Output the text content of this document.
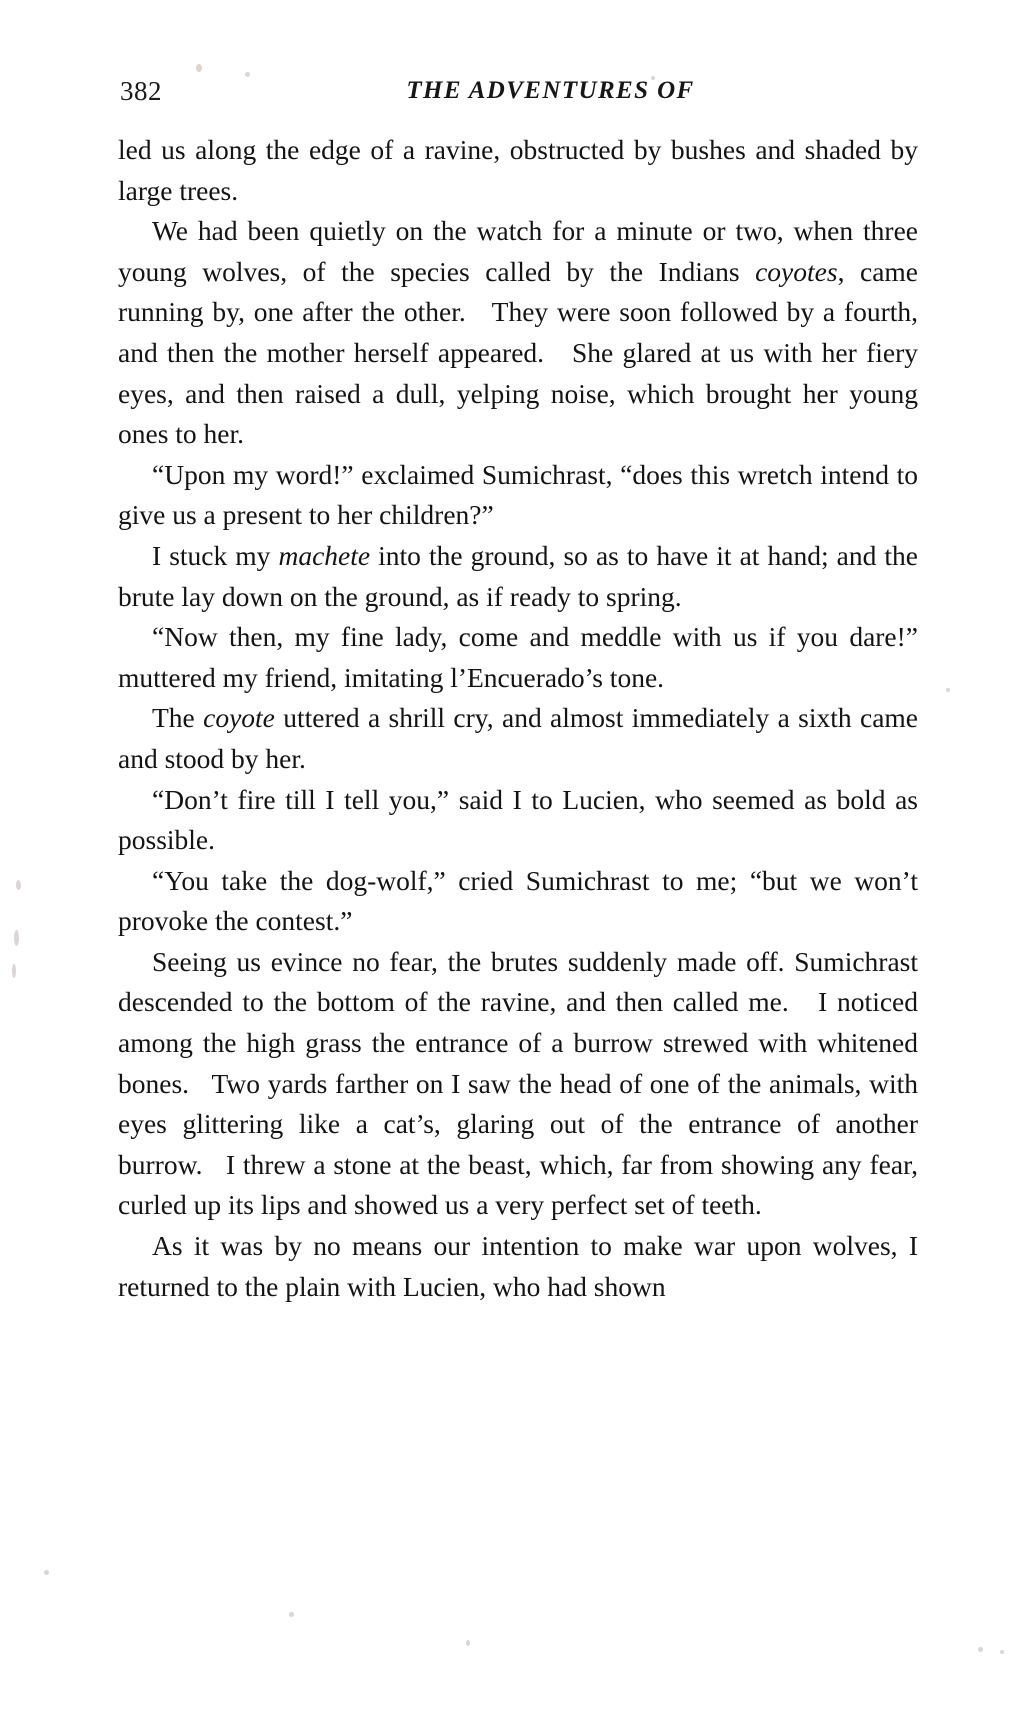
382	THE ADVENTURES OF

led us along the edge of a ravine, obstructed by bushes and shaded by large trees.

We had been quietly on the watch for a minute or two, when three young wolves, of the species called by the Indians coyotes, came running by, one after the other.   They were soon followed by a fourth, and then the mother herself appeared.   She glared at us with her fiery eyes, and then raised a dull, yelping noise, which brought her young ones to her.

“Upon my word!” exclaimed Sumichrast, “does this wretch intend to give us a present to her children?”

I stuck my machete into the ground, so as to have it at hand; and the brute lay down on the ground, as if ready to spring.

“Now then, my fine lady, come and meddle with us if you dare!” muttered my friend, imitating l’Encuerado’s tone.

The coyote uttered a shrill cry, and almost immediately a sixth came and stood by her.

“Don’t fire till I tell you,” said I to Lucien, who seemed as bold as possible.

“You take the dog-wolf,” cried Sumichrast to me; “but we won’t provoke the contest.”

Seeing us evince no fear, the brutes suddenly made off. Sumichrast descended to the bottom of the ravine, and then called me.   I noticed among the high grass the entrance of a burrow strewed with whitened bones.   Two yards farther on I saw the head of one of the animals, with eyes glittering like a cat’s, glaring out of the entrance of another burrow.   I threw a stone at the beast, which, far from showing any fear, curled up its lips and showed us a very perfect set of teeth.

As it was by no means our intention to make war upon wolves, I returned to the plain with Lucien, who had shown
